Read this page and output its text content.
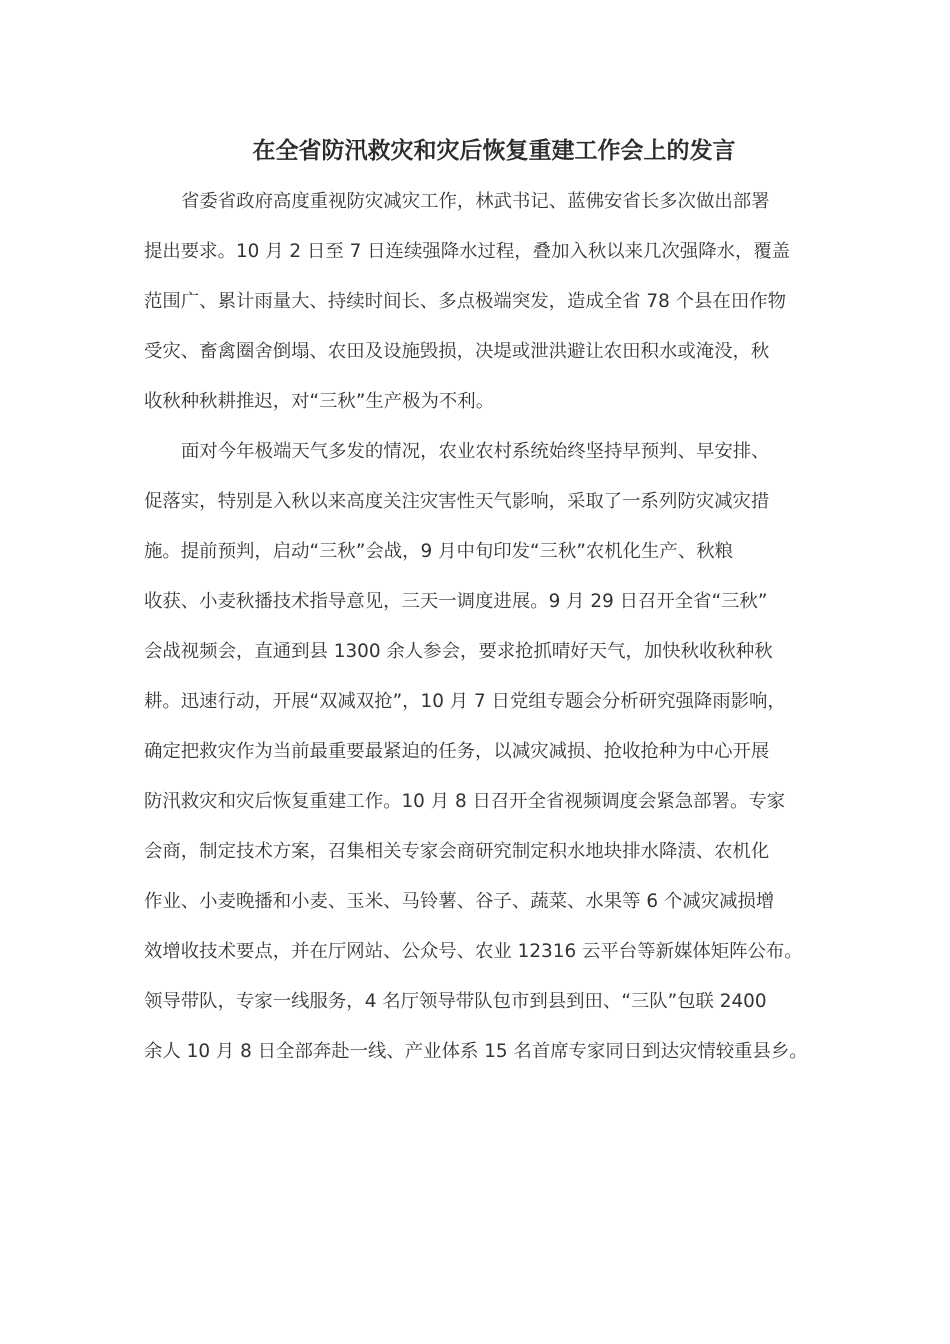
在全省防汛救灾和灾后恢复重建工作会上的发言

省委省政府高度重视防灾减灾工作，林武书记、蓝佛安省长多次做出部署

提出要求。10 月 2 日至 7 日连续强降水过程，叠加入秋以来几次强降水，覆盖

范围广、累计雨量大、持续时间长、多点极端突发，造成全省 78 个县在田作物

受灾、畜禽圈舍倒塌、农田及设施毁损，决堤或泄洪避让农田积水或淹没，秋

收秋种秋耕推迟，对“三秋”生产极为不利。

面对今年极端天气多发的情况，农业农村系统始终坚持早预判、早安排、

促落实，特别是入秋以来高度关注灾害性天气影响，采取了一系列防灾减灾措

施。提前预判，启动“三秋”会战，9 月中旬印发“三秋”农机化生产、秋粮

收获、小麦秋播技术指导意见，三天一调度进展。9 月 29 日召开全省“三秋”

会战视频会，直通到县 1300 余人参会，要求抢抓晴好天气，加快秋收秋种秋

耕。迅速行动，开展“双减双抢”，10 月 7 日党组专题会分析研究强降雨影响，

确定把救灾作为当前最重要最紧迫的任务，以减灾减损、抢收抢种为中心开展

防汛救灾和灾后恢复重建工作。10 月 8 日召开全省视频调度会紧急部署。专家

会商，制定技术方案，召集相关专家会商研究制定积水地块排水降渍、农机化

作业、小麦晚播和小麦、玉米、马铃薯、谷子、蔬菜、水果等 6 个减灾减损增

效增收技术要点，并在厅网站、公众号、农业 12316 云平台等新媒体矩阵公布。

领导带队，专家一线服务，4 名厅领导带队包市到县到田、“三队”包联 2400

余人 10 月 8 日全部奔赴一线、产业体系 15 名首席专家同日到达灾情较重县乡。
